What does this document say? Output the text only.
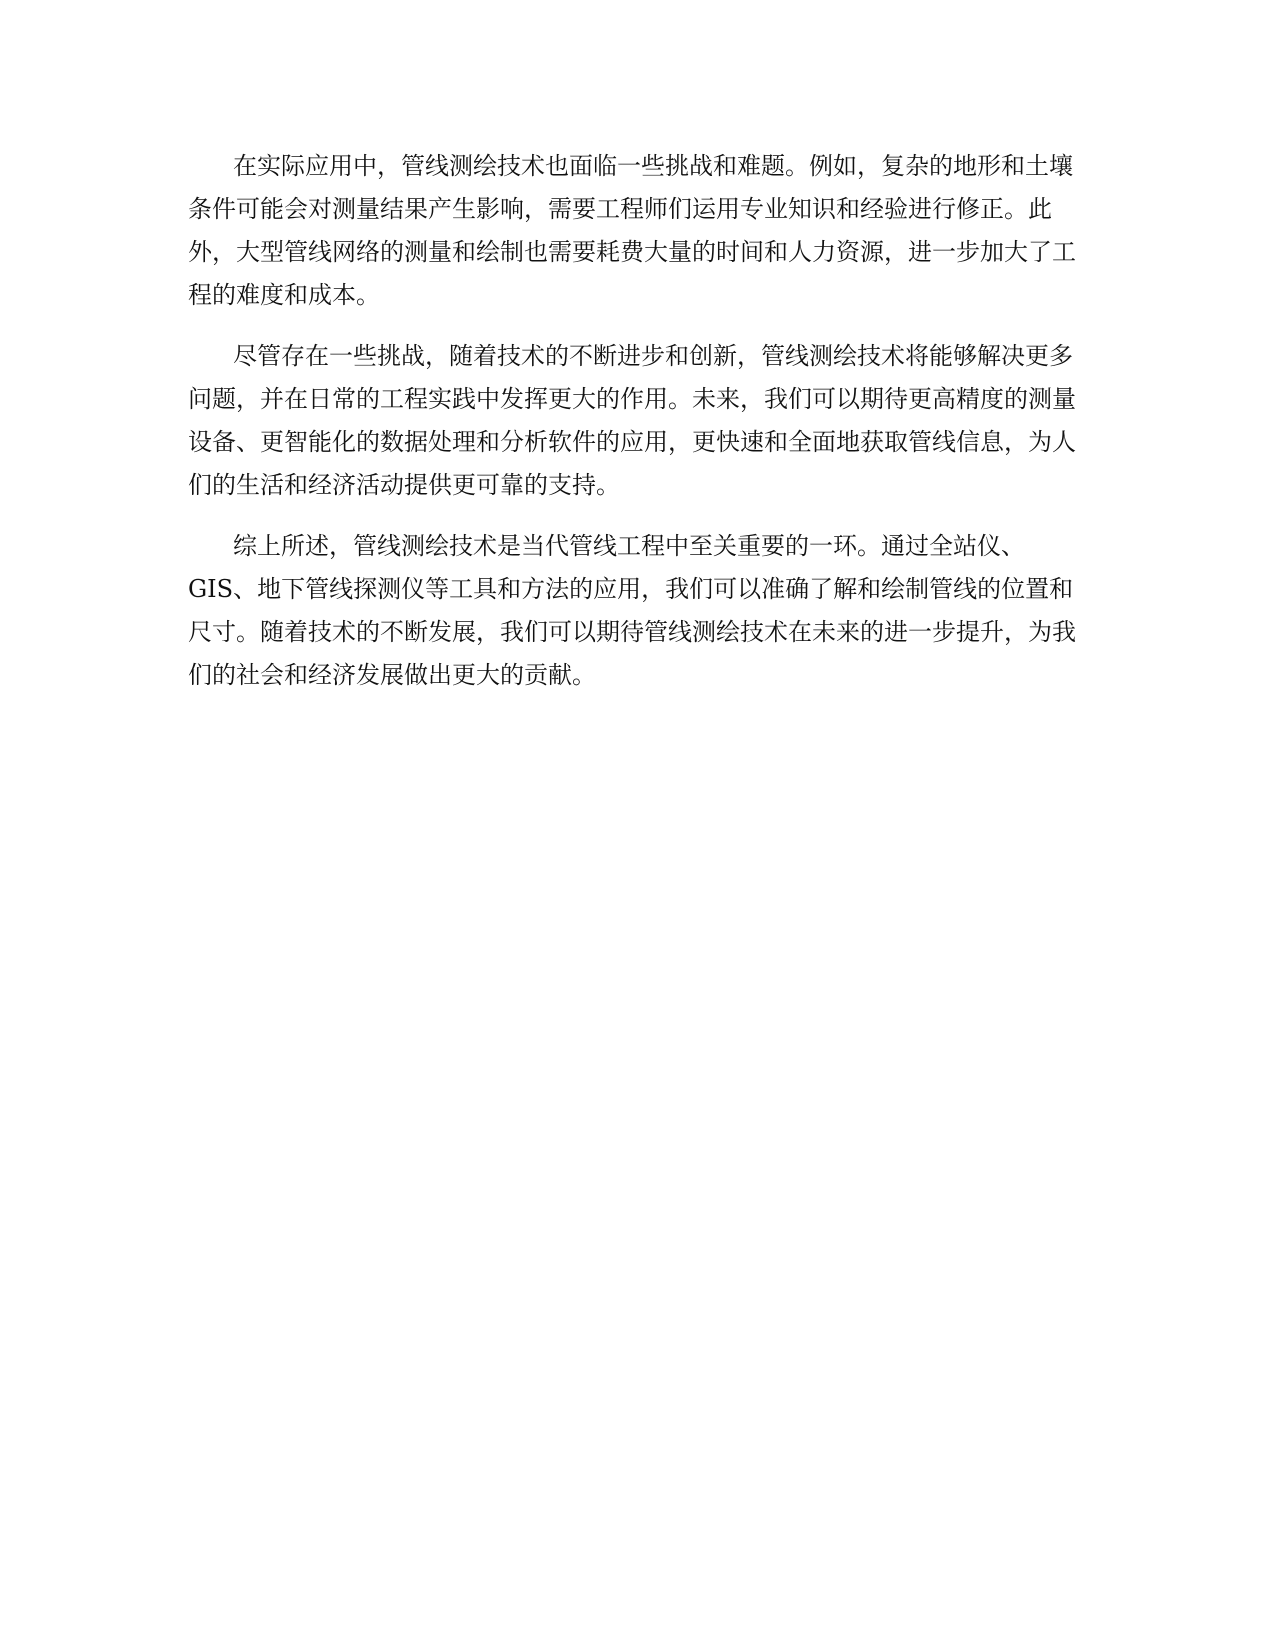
在实际应用中，管线测绘技术也面临一些挑战和难题。例如，复杂的地形和土壤条件可能会对测量结果产生影响，需要工程师们运用专业知识和经验进行修正。此外，大型管线网络的测量和绘制也需要耗费大量的时间和人力资源，进一步加大了工程的难度和成本。

尽管存在一些挑战，随着技术的不断进步和创新，管线测绘技术将能够解决更多问题，并在日常的工程实践中发挥更大的作用。未来，我们可以期待更高精度的测量设备、更智能化的数据处理和分析软件的应用，更快速和全面地获取管线信息，为人们的生活和经济活动提供更可靠的支持。

综上所述，管线测绘技术是当代管线工程中至关重要的一环。通过全站仪、GIS、地下管线探测仪等工具和方法的应用，我们可以准确了解和绘制管线的位置和尺寸。随着技术的不断发展，我们可以期待管线测绘技术在未来的进一步提升，为我们的社会和经济发展做出更大的贡献。
